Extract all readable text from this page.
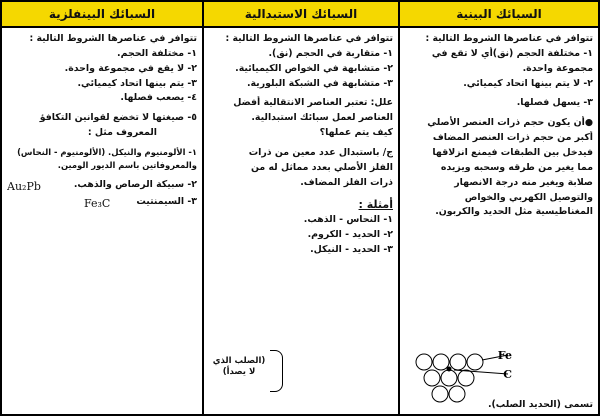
السبائك البينية
السبائك الاستبدالية
السبائك البينفلزية
تتوافر في عناصرها الشروط التالية :
١- مختلفة الحجم (نق)أي لا تقع في
مجموعة واحدة.
٢- لا يتم بينها اتحاد كيميائي.
٣- يسهل فصلها.
●أن يكون حجم ذرات العنصر الأصلي
أكبر من حجم ذرات العنصر المضاف
فيدخل بين الطبقات فيمنع انزلاقها
مما يغير من طرقه وسحبه ويزيده
صلابة ويغير منه درجة الانصهار
والتوصيل الكهربي والخواص
المغناطيسية مثل الحديد والكربون.
Fe
C
تسمى (الحديد الصلب).
تتوافر في عناصرها الشروط التالية :
١- متقاربة في الحجم (نق).
٢- متشابهة في الخواص الكيميائية.
٣- متشابهة في الشبكة البلورية.
علل: تعتبر العناصر الانتقالية أفضل
العناصر لعمل سبائك استبدالية.
كيف يتم عملها؟
ج/ باستبدال عدد معين من ذرات
الفلز الأصلي بعدد مماثل له من
ذرات الفلز المضاف.
أمثلة :
١- النحاس - الذهب.
٢- الحديد - الكروم.
٣- الحديد - النيكل.
(الصلب الذي
لا يصدأ)
تتوافر في عناصرها الشروط التالية :
١- مختلفة الحجم.
٢- لا يقع في مجموعة واحدة.
٣- يتم بينها اتحاد كيميائي.
٤- يصعب فصلها.
٥- صيغتها لا تخضع لقوانين التكافؤ
المعروف مثل :
١- الألومنيوم والنيكل. (الألومنيوم - النحاس)
والمعروفاتين باسم الديور الومين.
٢- سبيكة الرصاص والذهب.
Au₂Pb
٣- السيمنتيت
Fe₃C
